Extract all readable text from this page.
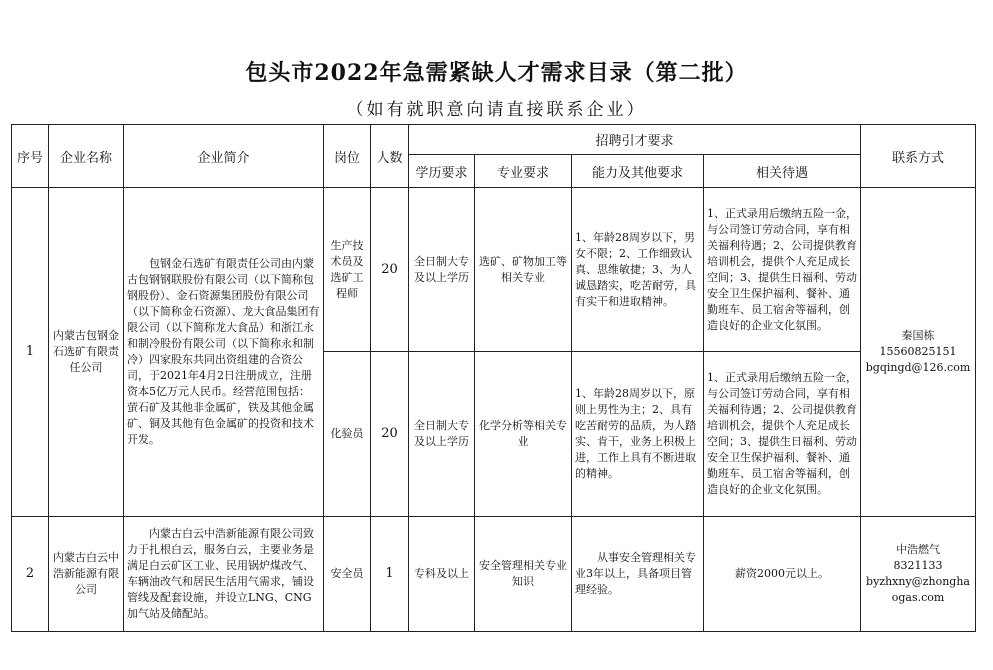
包头市2022年急需紧缺人才需求目录（第二批）
（如有就职意向请直接联系企业）
序号	企业名称	企业简介	岗位	人数	招聘引才要求				联系方式
					学历要求	专业要求	能力及其他要求	相关待遇	
1	内蒙古包钢金石选矿有限责任公司	包钢金石选矿有限责任公司由内蒙古包钢钢联股份有限公司（以下简称包钢股份）、金石资源集团股份有限公司（以下简称金石资源）、龙大食品集团有限公司（以下简称龙大食品）和浙江永和制冷股份有限公司（以下简称永和制冷）四家股东共同出资组建的合资公司，于2021年4月2日注册成立，注册资本5亿万元人民币。经营范围包括：萤石矿及其他非金属矿，铁及其他金属矿、铜及其他有色金属矿的投资和技术开发。	生产技术员及选矿工程师	20	全日制大专及以上学历	选矿、矿物加工等相关专业	1、年龄28周岁以下，男女不限；2、工作细致认真、思维敏捷；3、为人诚恳踏实，吃苦耐劳，具有实干和进取精神。	1、正式录用后缴纳五险一金，与公司签订劳动合同，享有相关福利待遇；2、公司提供教育培训机会，提供个人充足成长空间；3、提供生日福利、劳动安全卫生保护福利、餐补、通勤班车、员工宿舍等福利，创造良好的企业文化氛围。	秦国栋
15560825151
bgqingd@126.com

			化验员	20	全日制大专及以上学历	化学分析等相关专业	1、年龄28周岁以下，原则上男性为主；2、具有吃苦耐劳的品质，为人踏实、肯干，业务上积极上进，工作上具有不断进取的精神。	1、正式录用后缴纳五险一金，与公司签订劳动合同，享有相关福利待遇；2、公司提供教育培训机会，提供个人充足成长空间；3、提供生日福利、劳动安全卫生保护福利、餐补、通勤班车、员工宿舍等福利，创造良好的企业文化氛围。	
2	内蒙古白云中浩新能源有限公司	内蒙古白云中浩新能源有限公司致力于扎根白云，服务白云，主要业务是满足白云矿区工业、民用锅炉煤改气、车辆油改气和居民生活用气需求，铺设管线及配套设施，并设立LNG、CNG加气站及储配站。	安全员	1	专科及以上	安全管理相关专业知识	从事安全管理相关专业3年以上，具备项目管理经验。	薪资2000元以上。	中浩燃气
8321133
byzhxny@zhonghaogas.com
